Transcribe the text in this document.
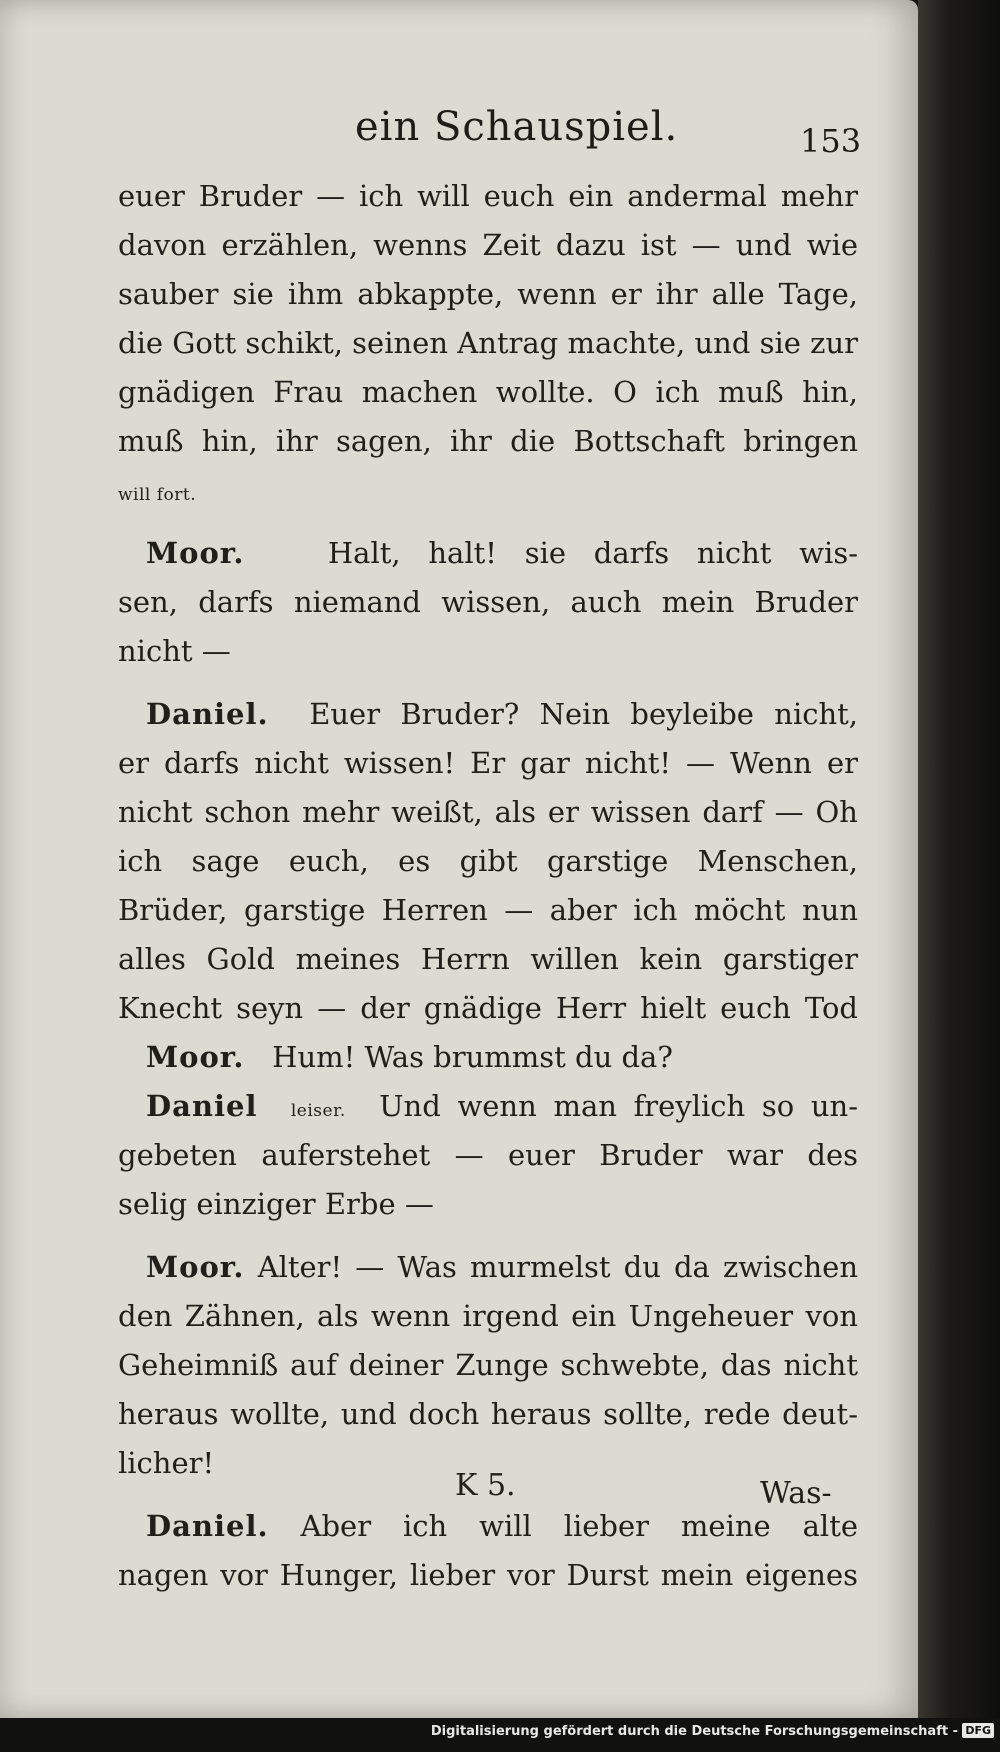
ein Schauspiel.	153
euer Bruder — ich will euch ein andermal mehr
davon erzählen, wenns Zeit dazu ist — und wie
sauber sie ihm abkappte, wenn er ihr alle Tage,
die Gott schikt, seinen Antrag machte, und sie zur
gnädigen Frau machen wollte. O ich muß hin,
muß hin, ihr sagen, ihr die Bottschaft bringen
will fort.
Moor.	Halt, halt! sie darfs nicht wis-
sen, darfs niemand wissen, auch mein Bruder
nicht —
Daniel. Euer Bruder? Nein beyleibe nicht,
er darfs nicht wissen! Er gar nicht! — Wenn er
nicht schon mehr weißt, als er wissen darf — Oh
ich sage euch, es gibt garstige Menschen,
Brüder, garstige Herren — aber ich möcht nun
alles Gold meines Herrn willen kein garstiger
Knecht seyn — der gnädige Herr hielt euch Tod
Moor. Hum! Was brummst du da?
Daniel leiser. Und wenn man freylich so un-
gebeten auferstehet — euer Bruder war des
selig einziger Erbe —
Moor. Alter! — Was murmelst du da zwischen
den Zähnen, als wenn irgend ein Ungeheuer von
Geheimniß auf deiner Zunge schwebte, das nicht
heraus wollte, und doch heraus sollte, rede deut-
licher!
Daniel. Aber ich will lieber meine alte
nagen vor Hunger, lieber vor Durst mein eigenes
K 5.	Was-
Digitalisierung gefördert durch die Deutsche Forschungsgemeinschaft - DFG
